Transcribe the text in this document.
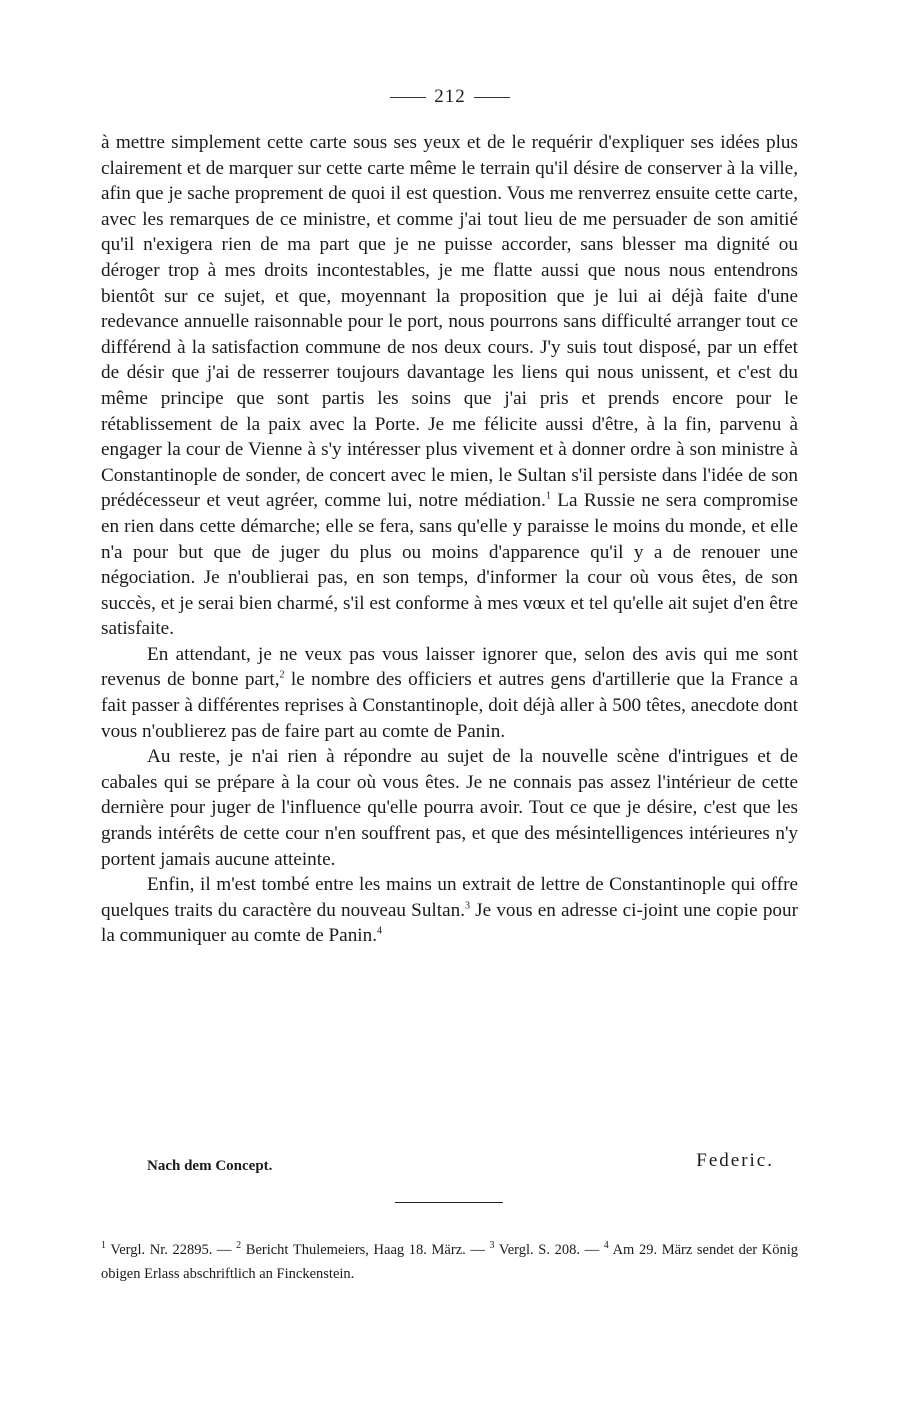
212

à mettre simplement cette carte sous ses yeux et de le requérir d'expliquer ses idées plus clairement et de marquer sur cette carte même le terrain qu'il désire de conserver à la ville, afin que je sache proprement de quoi il est question. Vous me renverrez ensuite cette carte, avec les remarques de ce ministre, et comme j'ai tout lieu de me persuader de son amitié qu'il n'exigera rien de ma part que je ne puisse accorder, sans blesser ma dignité ou déroger trop à mes droits incontestables, je me flatte aussi que nous nous entendrons bientôt sur ce sujet, et que, moyennant la proposition que je lui ai déjà faite d'une redevance annuelle raisonnable pour le port, nous pourrons sans difficulté arranger tout ce différend à la satisfaction commune de nos deux cours. J'y suis tout disposé, par un effet de désir que j'ai de resserrer toujours davantage les liens qui nous unissent, et c'est du même principe que sont partis les soins que j'ai pris et prends encore pour le rétablissement de la paix avec la Porte. Je me félicite aussi d'être, à la fin, parvenu à engager la cour de Vienne à s'y intéresser plus vivement et à donner ordre à son ministre à Constantinople de sonder, de concert avec le mien, le Sultan s'il persiste dans l'idée de son prédécesseur et veut agréer, comme lui, notre médiation.$^1$ La Russie ne sera compromise en rien dans cette démarche; elle se fera, sans qu'elle y paraisse le moins du monde, et elle n'a pour but que de juger du plus ou moins d'apparence qu'il y a de renouer une négociation. Je n'oublierai pas, en son temps, d'informer la cour où vous êtes, de son succès, et je serai bien charmé, s'il est conforme à mes vœux et tel qu'elle ait sujet d'en être satisfaite.

En attendant, je ne veux pas vous laisser ignorer que, selon des avis qui me sont revenus de bonne part,$^2$ le nombre des officiers et autres gens d'artillerie que la France a fait passer à différentes reprises à Constantinople, doit déjà aller à 500 têtes, anecdote dont vous n'oublierez pas de faire part au comte de Panin.

Au reste, je n'ai rien à répondre au sujet de la nouvelle scène d'intrigues et de cabales qui se prépare à la cour où vous êtes. Je ne connais pas assez l'intérieur de cette dernière pour juger de l'influence qu'elle pourra avoir. Tout ce que je désire, c'est que les grands intérêts de cette cour n'en souffrent pas, et que des mésintelligences intérieures n'y portent jamais aucune atteinte.

Enfin, il m'est tombé entre les mains un extrait de lettre de Constantinople qui offre quelques traits du caractère du nouveau Sultan.$^3$ Je vous en adresse ci-joint une copie pour la communiquer au comte de Panin.$^4$

Nach dem Concept.	Federic.

$^1$ Vergl. Nr. 22895. — $^2$ Bericht Thulemeiers, Haag 18. März. — $^3$ Vergl. S. 208. — $^4$ Am 29. März sendet der König obigen Erlass abschriftlich an Finckenstein.
